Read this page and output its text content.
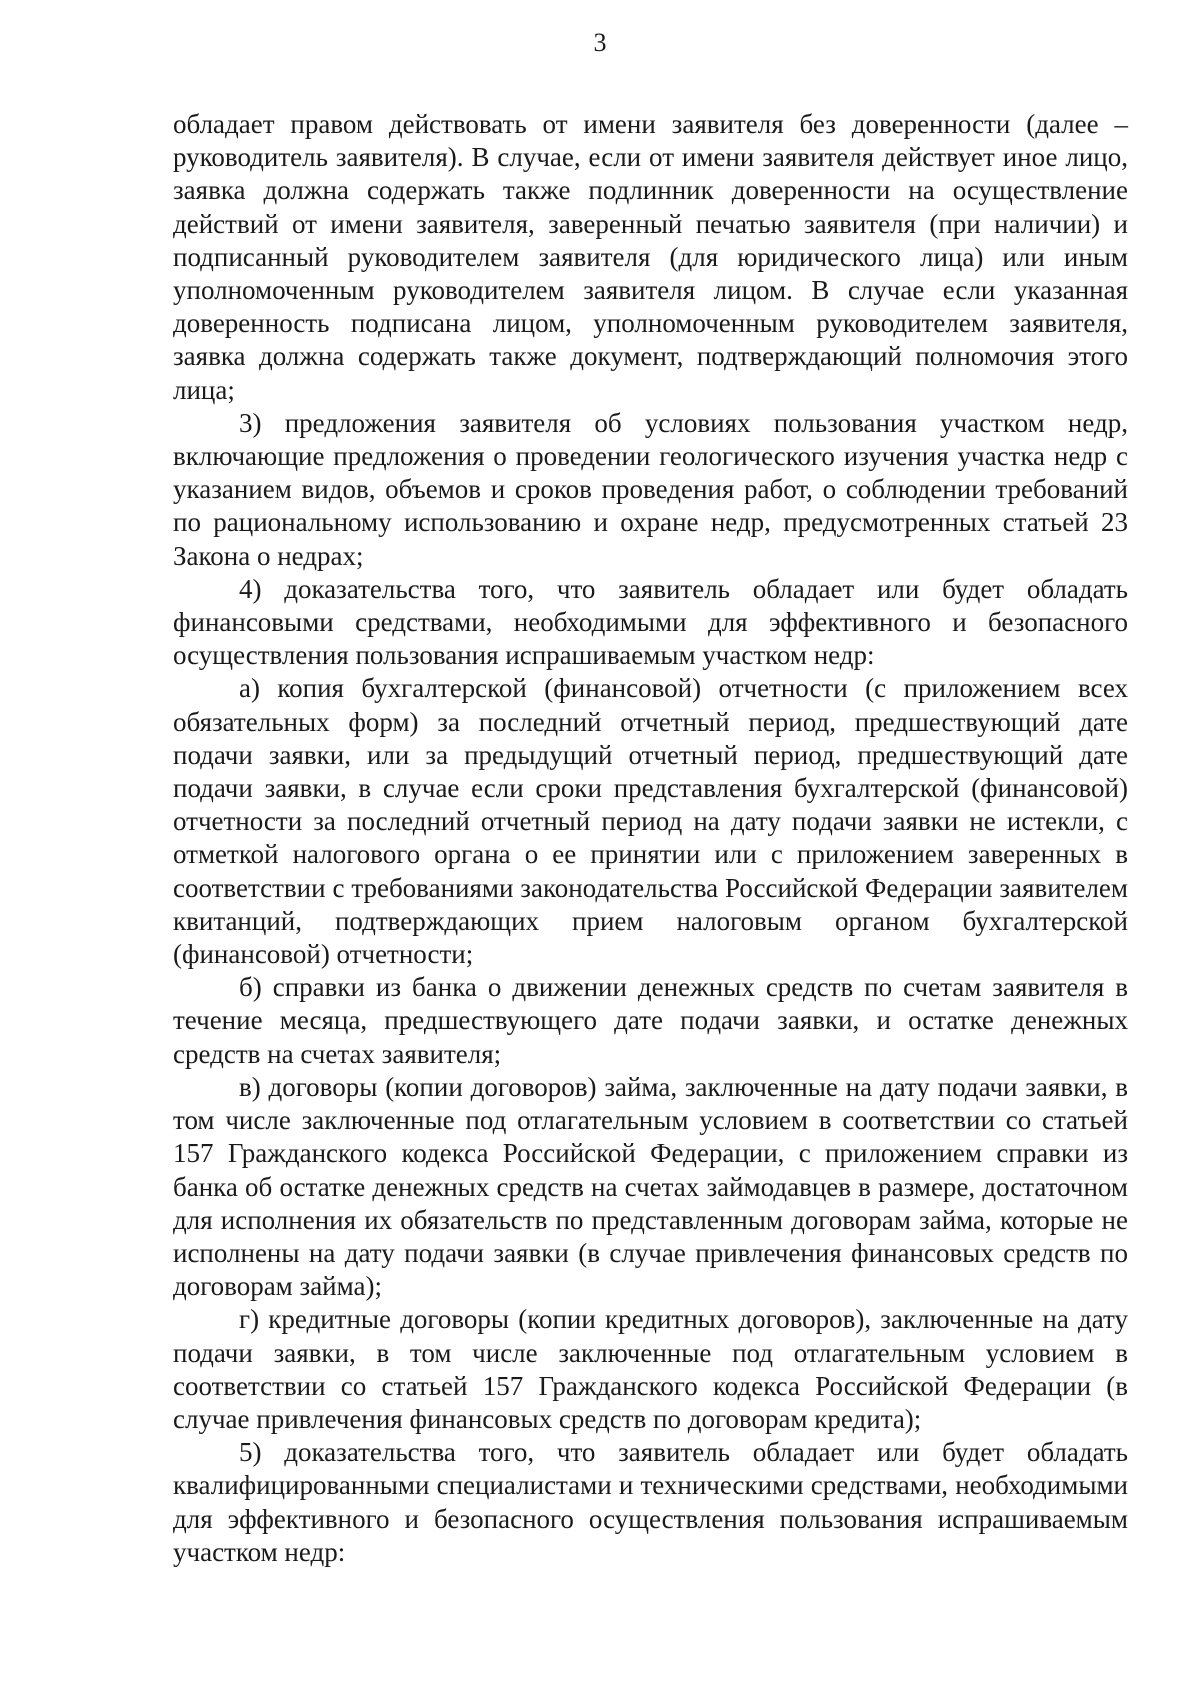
3

обладает правом действовать от имени заявителя без доверенности (далее – руководитель заявителя). В случае, если от имени заявителя действует иное лицо, заявка должна содержать также подлинник доверенности на осуществление действий от имени заявителя, заверенный печатью заявителя (при наличии) и подписанный руководителем заявителя (для юридического лица) или иным уполномоченным руководителем заявителя лицом. В случае если указанная доверенность подписана лицом, уполномоченным руководителем заявителя, заявка должна содержать также документ, подтверждающий полномочия этого лица;

3) предложения заявителя об условиях пользования участком недр, включающие предложения о проведении геологического изучения участка недр с указанием видов, объемов и сроков проведения работ, о соблюдении требований по рациональному использованию и охране недр, предусмотренных статьей 23 Закона о недрах;

4) доказательства того, что заявитель обладает или будет обладать финансовыми средствами, необходимыми для эффективного и безопасного осуществления пользования испрашиваемым участком недр:

а) копия бухгалтерской (финансовой) отчетности (с приложением всех обязательных форм) за последний отчетный период, предшествующий дате подачи заявки, или за предыдущий отчетный период, предшествующий дате подачи заявки, в случае если сроки представления бухгалтерской (финансовой) отчетности за последний отчетный период на дату подачи заявки не истекли, с отметкой налогового органа о ее принятии или с приложением заверенных в соответствии с требованиями законодательства Российской Федерации заявителем квитанций, подтверждающих прием налоговым органом бухгалтерской (финансовой) отчетности;

б) справки из банка о движении денежных средств по счетам заявителя в течение месяца, предшествующего дате подачи заявки, и остатке денежных средств на счетах заявителя;

в) договоры (копии договоров) займа, заключенные на дату подачи заявки, в том числе заключенные под отлагательным условием в соответствии со статьей 157 Гражданского кодекса Российской Федерации, с приложением справки из банка об остатке денежных средств на счетах займодавцев в размере, достаточном для исполнения их обязательств по представленным договорам займа, которые не исполнены на дату подачи заявки (в случае привлечения финансовых средств по договорам займа);

г) кредитные договоры (копии кредитных договоров), заключенные на дату подачи заявки, в том числе заключенные под отлагательным условием в соответствии со статьей 157 Гражданского кодекса Российской Федерации (в случае привлечения финансовых средств по договорам кредита);

5) доказательства того, что заявитель обладает или будет обладать квалифицированными специалистами и техническими средствами, необходимыми для эффективного и безопасного осуществления пользования испрашиваемым участком недр:
